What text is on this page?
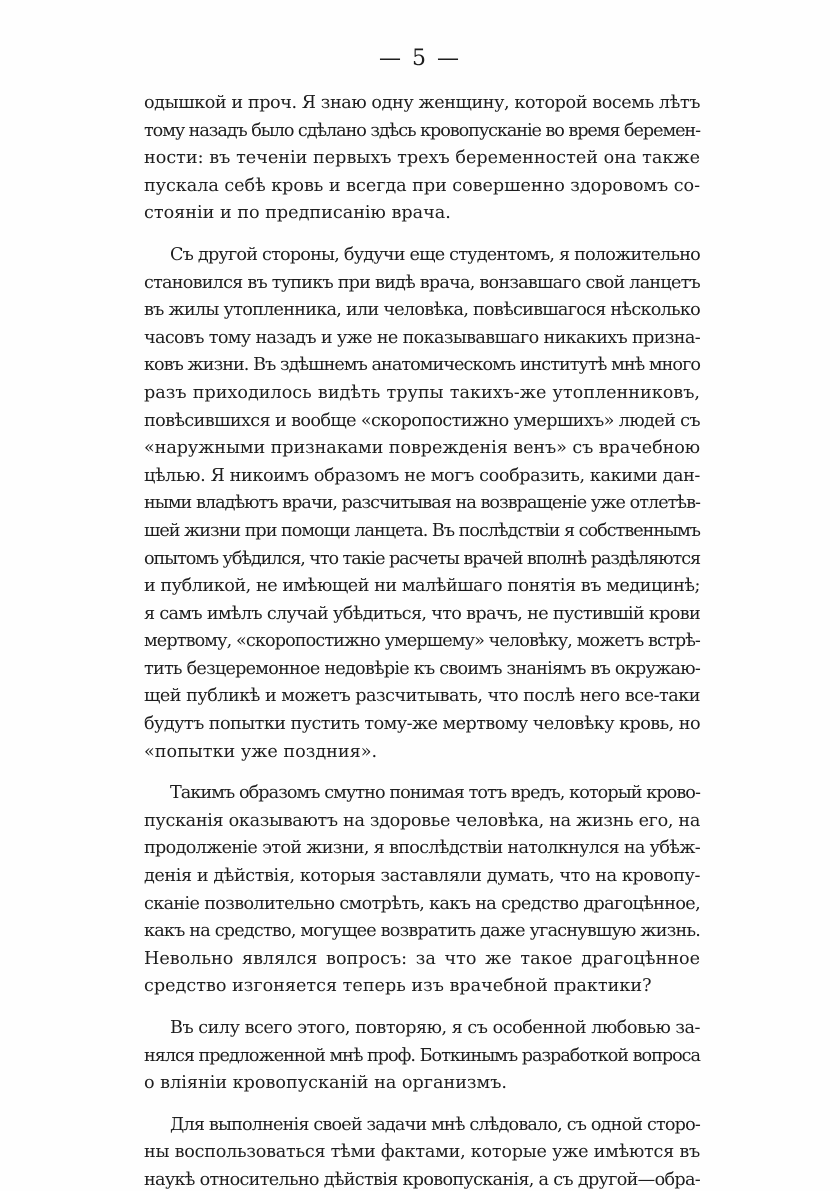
— 5 —
одышкой и проч. Я знаю одну женщину, которой восемь лѣтъ
тому назадъ было сдѣлано здѣсь кровопусканіе во время беремен-
ности: въ теченіи первыхъ трехъ беременностей она также
пускала себѣ кровь и всегда при совершенно здоровомъ со-
стояніи и по предписанію врача.
Съ другой стороны, будучи еще студентомъ, я положительно
становился въ тупикъ при видѣ врача, вонзавшаго свой ланцетъ
въ жилы утопленника, или человѣка, повѣсившагося нѣсколько
часовъ тому назадъ и уже не показывавшаго никакихъ призна-
ковъ жизни. Въ здѣшнемъ анатомическомъ институтѣ мнѣ много
разъ приходилось видѣть трупы такихъ-же утопленниковъ,
повѣсившихся и вообще «скоропостижно умершихъ» людей съ
«наружными признаками поврежденія венъ» съ врачебною
цѣлью. Я никоимъ образомъ не могъ сообразить, какими дан-
ными владѣютъ врачи, разсчитывая на возвращеніе уже отлетѣв-
шей жизни при помощи ланцета. Въ послѣдствіи я собственнымъ
опытомъ убѣдился, что такіе расчеты врачей вполнѣ раздѣляются
и публикой, не имѣющей ни малѣйшаго понятія въ медицинѣ;
я самъ имѣлъ случай убѣдиться, что врачъ, не пустившій крови
мертвому, «скоропостижно умершему» человѣку, можетъ встрѣ-
тить безцеремонное недовѣріе къ своимъ знаніямъ въ окружаю-
щей публикѣ и можетъ разсчитывать, что послѣ него все-таки
будутъ попытки пустить тому-же мертвому человѣку кровь, но
«попытки уже поздния».
Такимъ образомъ смутно понимая тотъ вредъ, который крово-
пусканія оказываютъ на здоровье человѣка, на жизнь его, на
продолженіе этой жизни, я впослѣдствіи натолкнулся на убѣж-
денія и дѣйствія, которыя заставляли думать, что на кровопу-
сканіе позволительно смотрѣть, какъ на средство драгоцѣнное,
какъ на средство, могущее возвратить даже угаснувшую жизнь.
Невольно являлся вопросъ: за что же такое драгоцѣнное
средство изгоняется теперь изъ врачебной практики?
Въ силу всего этого, повторяю, я съ особенной любовью за-
нялся предложенной мнѣ проф. Боткинымъ разработкой вопроса
о вліяніи кровопусканій на организмъ.
Для выполненія своей задачи мнѣ слѣдовало, съ одной сторо-
ны воспользоваться тѣми фактами, которые уже имѣются въ
наукѣ относительно дѣйствія кровопусканія, а съ другой—обра-
